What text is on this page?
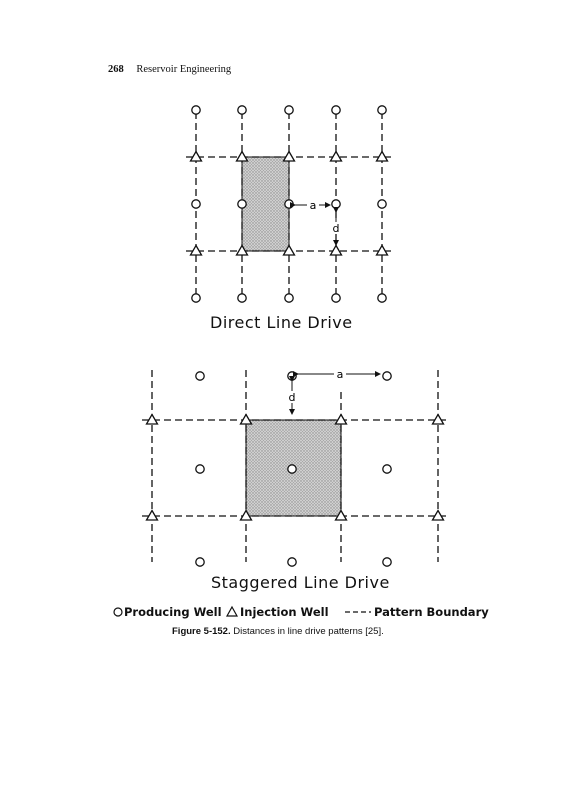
268 Reservoir Engineering
a
d
a
d
Direct Line Drive
Staggered Line Drive
Producing Well Injection Well	Pattern Boundary
Figure 5-152. Distances in line drive patterns [25].
